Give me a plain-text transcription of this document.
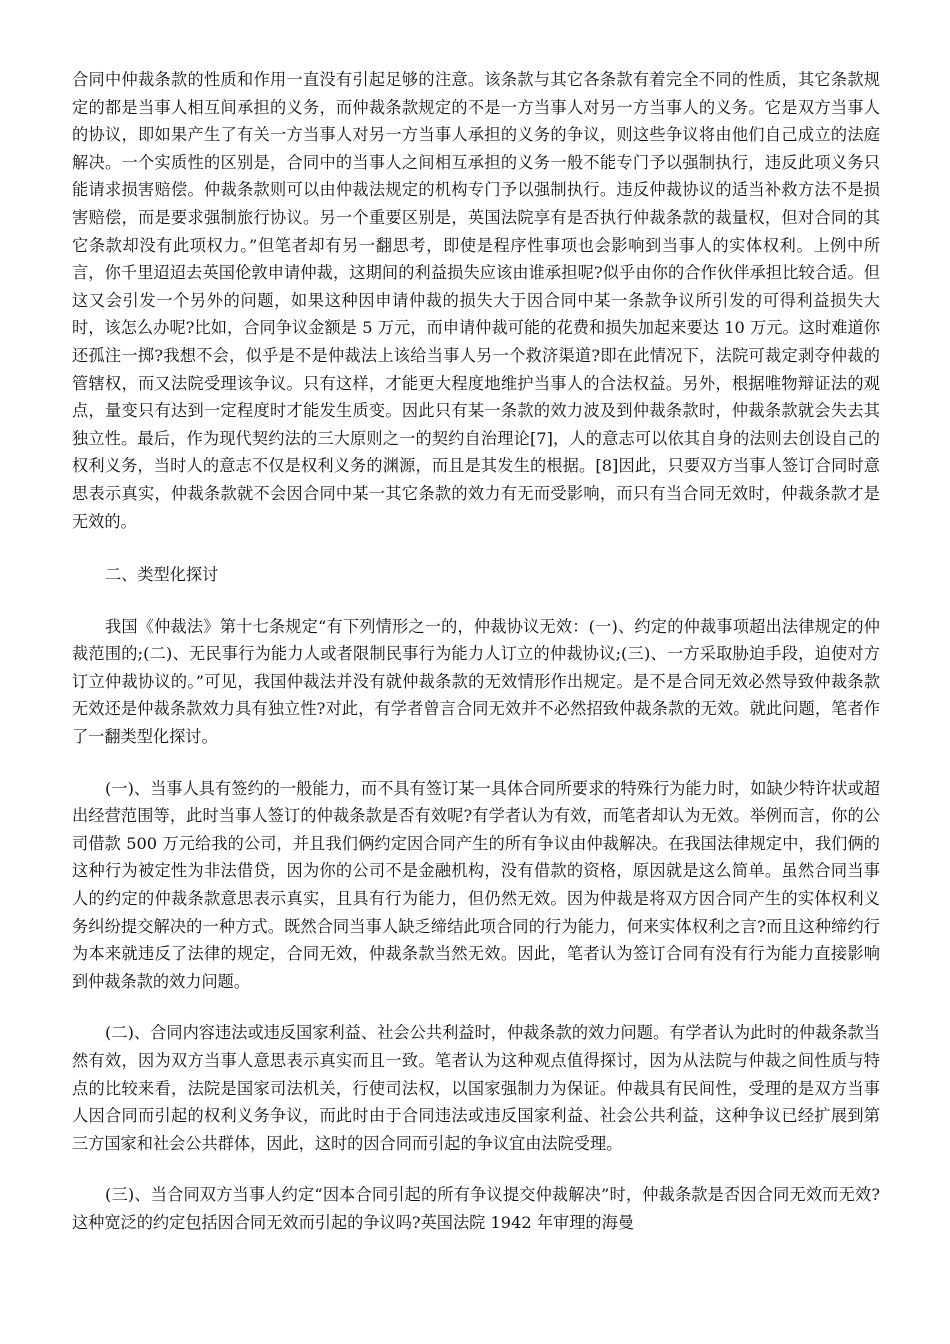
合同中仲裁条款的性质和作用一直没有引起足够的注意。该条款与其它各条款有着完全不同的性质，其它条款规定的都是当事人相互间承担的义务，而仲裁条款规定的不是一方当事人对另一方当事人的义务。它是双方当事人的协议，即如果产生了有关一方当事人对另一方当事人承担的义务的争议，则这些争议将由他们自己成立的法庭解决。一个实质性的区别是，合同中的当事人之间相互承担的义务一般不能专门予以强制执行，违反此项义务只能请求损害赔偿。仲裁条款则可以由仲裁法规定的机构专门予以强制执行。违反仲裁协议的适当补救方法不是损害赔偿，而是要求强制旅行协议。另一个重要区别是，英国法院享有是否执行仲裁条款的裁量权，但对合同的其它条款却没有此项权力。”但笔者却有另一翻思考，即使是程序性事项也会影响到当事人的实体权利。上例中所言，你千里迢迢去英国伦敦申请仲裁，这期间的利益损失应该由谁承担呢?似乎由你的合作伙伴承担比较合适。但这又会引发一个另外的问题，如果这种因申请仲裁的损失大于因合同中某一条款争议所引发的可得利益损失大时，该怎么办呢?比如，合同争议金额是 5 万元，而申请仲裁可能的花费和损失加起来要达 10 万元。这时难道你还孤注一掷?我想不会，似乎是不是仲裁法上该给当事人另一个救济渠道?即在此情况下，法院可裁定剥夺仲裁的管辖权，而又法院受理该争议。只有这样，才能更大程度地维护当事人的合法权益。另外，根据唯物辩证法的观点，量变只有达到一定程度时才能发生质变。因此只有某一条款的效力波及到仲裁条款时，仲裁条款就会失去其独立性。最后，作为现代契约法的三大原则之一的契约自治理论[7]，人的意志可以依其自身的法则去创设自己的权利义务，当时人的意志不仅是权利义务的渊源，而且是其发生的根据。[8]因此，只要双方当事人签订合同时意思表示真实，仲裁条款就不会因合同中某一其它条款的效力有无而受影响，而只有当合同无效时，仲裁条款才是无效的。

二、类型化探讨

我国《仲裁法》第十七条规定“有下列情形之一的，仲裁协议无效：(一)、约定的仲裁事项超出法律规定的仲裁范围的;(二)、无民事行为能力人或者限制民事行为能力人订立的仲裁协议;(三)、一方采取胁迫手段，迫使对方订立仲裁协议的。”可见，我国仲裁法并没有就仲裁条款的无效情形作出规定。是不是合同无效必然导致仲裁条款无效还是仲裁条款效力具有独立性?对此，有学者曾言合同无效并不必然招致仲裁条款的无效。就此问题，笔者作了一翻类型化探讨。

(一)、当事人具有签约的一般能力，而不具有签订某一具体合同所要求的特殊行为能力时，如缺少特许状或超出经营范围等，此时当事人签订的仲裁条款是否有效呢?有学者认为有效，而笔者却认为无效。举例而言，你的公司借款 500 万元给我的公司，并且我们俩约定因合同产生的所有争议由仲裁解决。在我国法律规定中，我们俩的这种行为被定性为非法借贷，因为你的公司不是金融机构，没有借款的资格，原因就是这么简单。虽然合同当事人的约定的仲裁条款意思表示真实，且具有行为能力，但仍然无效。因为仲裁是将双方因合同产生的实体权利义务纠纷提交解决的一种方式。既然合同当事人缺乏缔结此项合同的行为能力，何来实体权利之言?而且这种缔约行为本来就违反了法律的规定，合同无效，仲裁条款当然无效。因此，笔者认为签订合同有没有行为能力直接影响到仲裁条款的效力问题。

(二)、合同内容违法或违反国家利益、社会公共利益时，仲裁条款的效力问题。有学者认为此时的仲裁条款当然有效，因为双方当事人意思表示真实而且一致。笔者认为这种观点值得探讨，因为从法院与仲裁之间性质与特点的比较来看，法院是国家司法机关，行使司法权，以国家强制力为保证。仲裁具有民间性，受理的是双方当事人因合同而引起的权利义务争议，而此时由于合同违法或违反国家利益、社会公共利益，这种争议已经扩展到第三方国家和社会公共群体，因此，这时的因合同而引起的争议宜由法院受理。

(三)、当合同双方当事人约定“因本合同引起的所有争议提交仲裁解决”时，仲裁条款是否因合同无效而无效?这种宽泛的约定包括因合同无效而引起的争议吗?英国法院 1942 年审理的海曼
